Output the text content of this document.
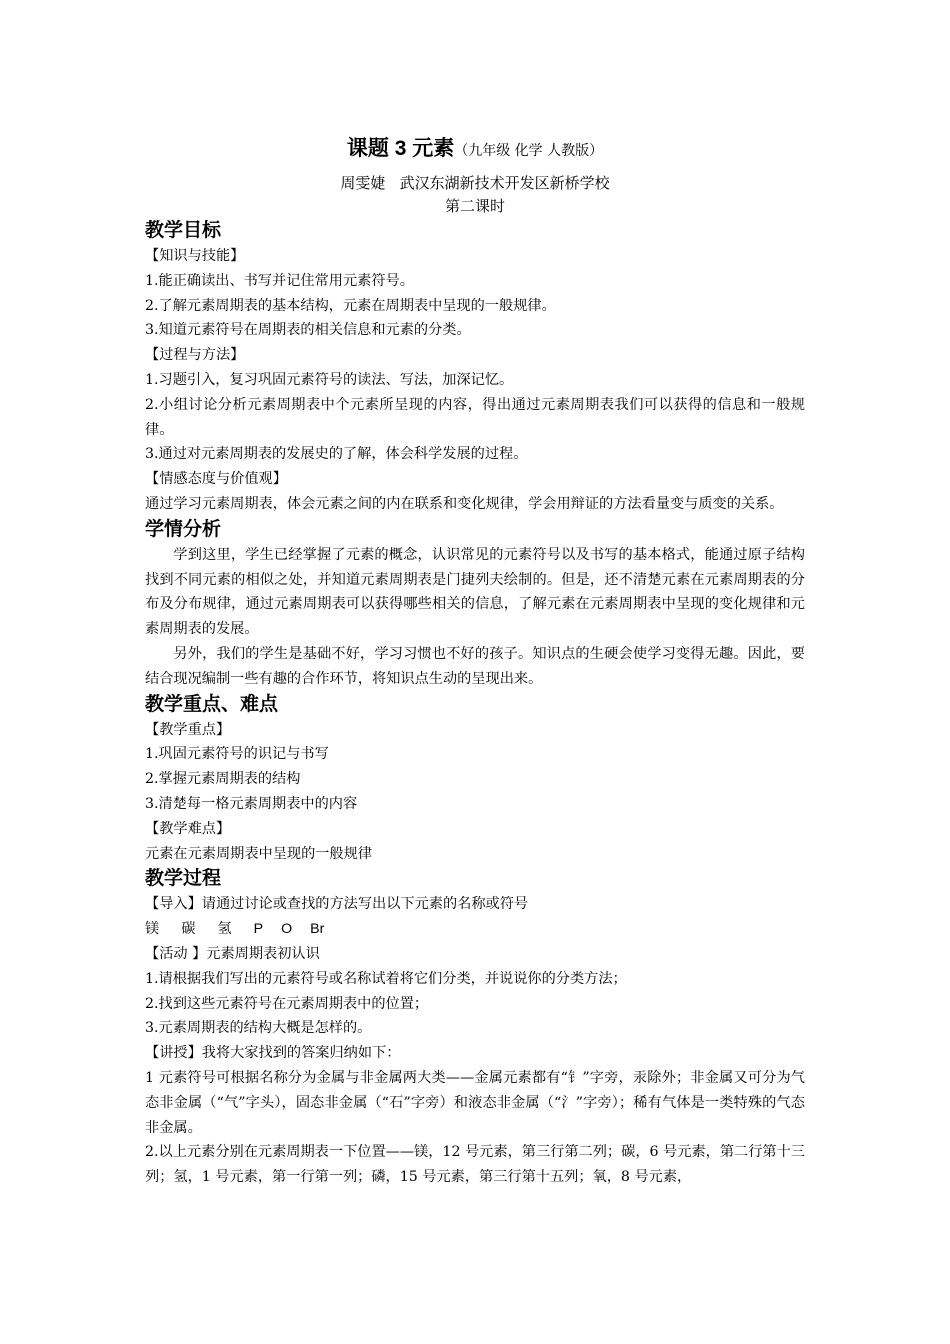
课题 3 元素（九年级 化学 人教版）
周雯婕   武汉东湖新技术开发区新桥学校
第二课时
教学目标

【知识与技能】

1.能正确读出、书写并记住常用元素符号。

2.了解元素周期表的基本结构，元素在周期表中呈现的一般规律。

3.知道元素符号在周期表的相关信息和元素的分类。

【过程与方法】

1.习题引入，复习巩固元素符号的读法、写法，加深记忆。

2.小组讨论分析元素周期表中个元素所呈现的内容，得出通过元素周期表我们可以获得的信息和一般规律。

3.通过对元素周期表的发展史的了解，体会科学发展的过程。

【情感态度与价值观】

通过学习元素周期表，体会元素之间的内在联系和变化规律，学会用辩证的方法看量变与质变的关系。

学情分析

学到这里，学生已经掌握了元素的概念，认识常见的元素符号以及书写的基本格式，能通过原子结构找到不同元素的相似之处，并知道元素周期表是门捷列夫绘制的。但是，还不清楚元素在元素周期表的分布及分布规律，通过元素周期表可以获得哪些相关的信息，了解元素在元素周期表中呈现的变化规律和元素周期表的发展。

另外，我们的学生是基础不好，学习习惯也不好的孩子。知识点的生硬会使学习变得无趣。因此，要结合现况编制一些有趣的合作环节，将知识点生动的呈现出来。

教学重点、难点

【教学重点】

1.巩固元素符号的识记与书写

2.掌握元素周期表的结构

3.清楚每一格元素周期表中的内容

【教学难点】

元素在元素周期表中呈现的一般规律

教学过程

【导入】请通过讨论或查找的方法写出以下元素的名称或符号

镁 碳 氢 P O Br

【活动 】元素周期表初认识

1.请根据我们写出的元素符号或名称试着将它们分类，并说说你的分类方法；

2.找到这些元素符号在元素周期表中的位置；

3.元素周期表的结构大概是怎样的。

【讲授】我将大家找到的答案归纳如下：

1 元素符号可根据名称分为金属与非金属两大类——金属元素都有“钅”字旁，汞除外；非金属又可分为气态非金属（“气”字头），固态非金属（“石”字旁）和液态非金属（“氵”字旁）；稀有气体是一类特殊的气态非金属。

2.以上元素分别在元素周期表一下位置——镁，12 号元素，第三行第二列；碳，6 号元素，第二行第十三列；氢，1 号元素，第一行第一列；磷，15 号元素，第三行第十五列；氧，8 号元素，
